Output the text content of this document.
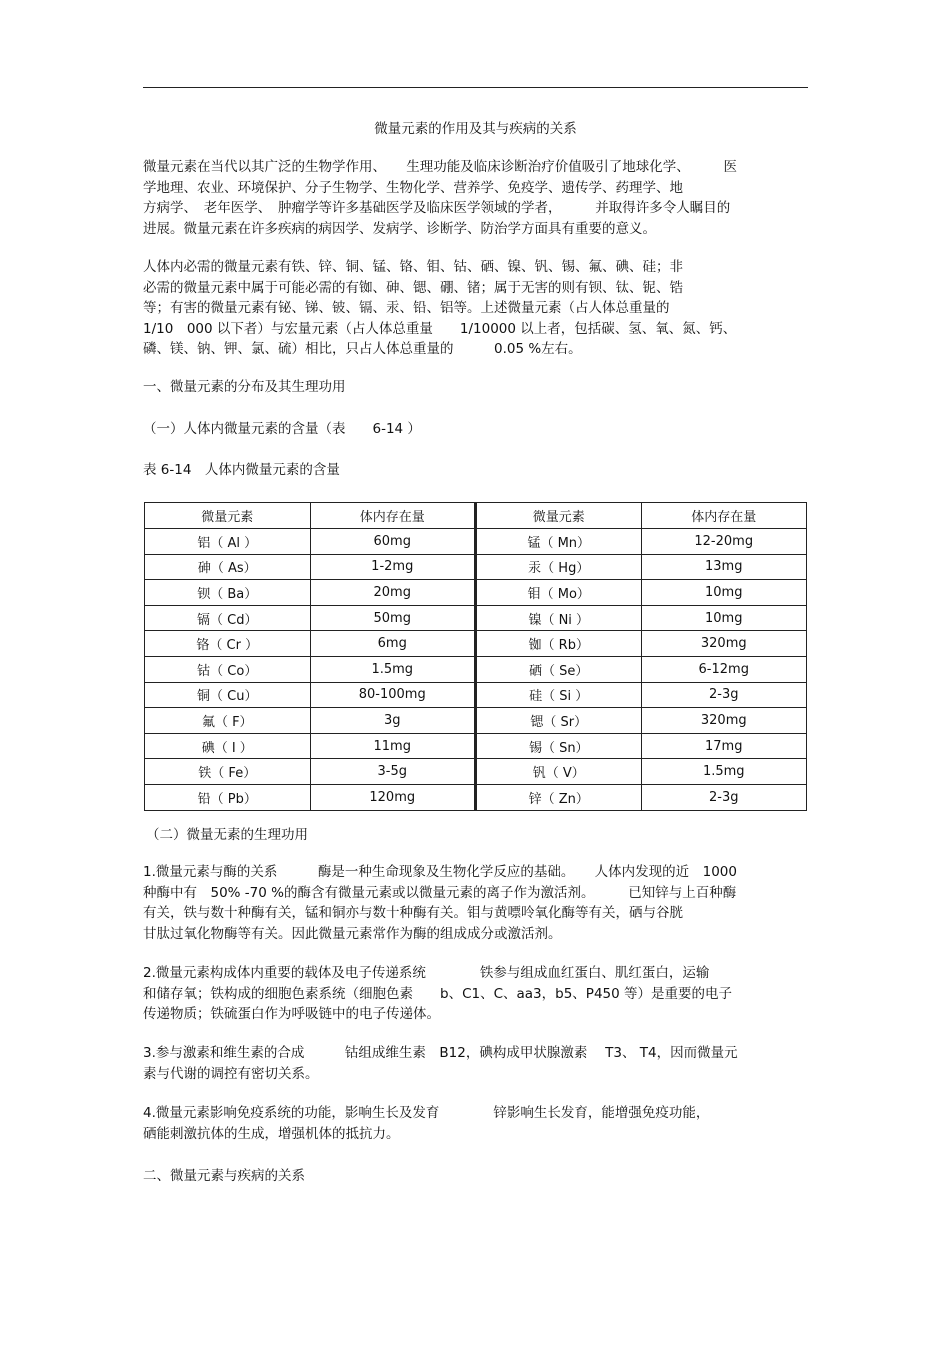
微量元素的作用及其与疾病的关系
微量元素在当代以其广泛的生物学作用、　　生理功能及临床诊断治疗价值吸引了地球化学、　　　医
学地理、农业、环境保护、分子生物学、生物化学、营养学、免疫学、遗传学、药理学、地
方病学、　老年医学、　肿瘤学等许多基础医学及临床医学领域的学者，　　　并取得许多令人瞩目的
进展。微量元素在许多疾病的病因学、发病学、诊断学、防治学方面具有重要的意义。
人体内必需的微量元素有铁、锌、铜、锰、铬、钼、钴、硒、镍、钒、锡、氟、碘、硅；非
必需的微量元素中属于可能必需的有铷、砷、锶、硼、锗；属于无害的则有钡、钛、铌、锆
等；有害的微量元素有铋、锑、铍、镉、汞、铅、铝等。上述微量元素（占人体总重量的
1/10　000 以下者）与宏量元素（占人体总重量　　1/10000 以上者，包括碳、氢、氧、氮、钙、
磷、镁、钠、钾、氯、硫）相比，只占人体总重量的　　　0.05 %左右。
一、微量元素的分布及其生理功用
（一）人体内微量元素的含量（表　　6-14 ）
表 6-14　人体内微量元素的含量
微量元素	体内存在量	微量元素	体内存在量
铝（ Al ）	60mg	锰（ Mn）	12-20mg
砷（ As）	1-2mg	汞（ Hg）	13mg
钡（ Ba）	20mg	钼（ Mo）	10mg
镉（ Cd）	50mg	镍（ Ni ）	10mg
铬（ Cr ）	6mg	铷（ Rb）	320mg
钴（ Co）	1.5mg	硒（ Se）	6-12mg
铜（ Cu）	80-100mg	硅（ Si ）	2-3g
氟（ F）	3g	锶（ Sr）	320mg
碘（ I ）	11mg	锡（ Sn）	17mg
铁（ Fe）	3-5g	钒（ V）	1.5mg
铅（ Pb）	120mg	锌（ Zn）	2-3g
（二）微量无素的生理功用
1.微量元素与酶的关系　　　酶是一种生命现象及生物化学反应的基础。　　人体内发现的近　1000
种酶中有　50% -70 %的酶含有微量元素或以微量元素的离子作为激活剂。　　　已知锌与上百种酶
有关，铁与数十种酶有关，锰和铜亦与数十种酶有关。钼与黄嘌呤氧化酶等有关，硒与谷胱
甘肽过氧化物酶等有关。因此微量元素常作为酶的组成成分或激活剂。
2.微量元素构成体内重要的载体及电子传递系统　　　　铁参与组成血红蛋白、肌红蛋白，运输
和储存氧；铁构成的细胞色素系统（细胞色素　　b、C1、C、aa3，b5、P450 等）是重要的电子
传递物质；铁硫蛋白作为呼吸链中的电子传递体。
3.参与激素和维生素的合成　　　钴组成维生素　B12，碘构成甲状腺激素　 T3、 T4，因而微量元
素与代谢的调控有密切关系。
4.微量元素影响免疫系统的功能，影响生长及发育　　　　锌影响生长发育，能增强免疫功能，
硒能刺激抗体的生成，增强机体的抵抗力。
二、微量元素与疾病的关系
